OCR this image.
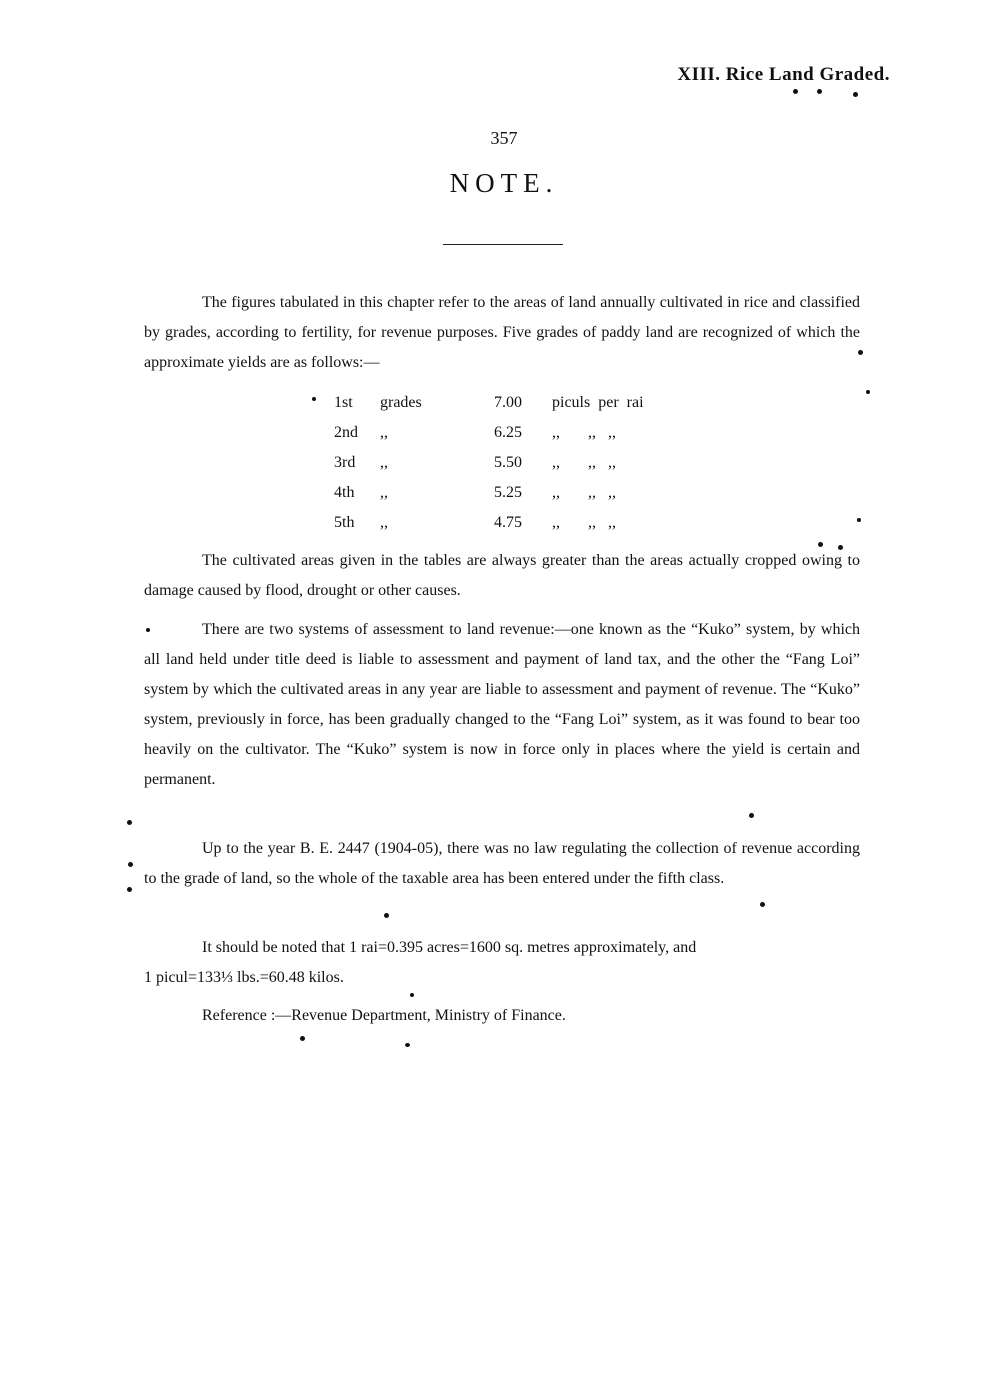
XIII. Rice Land Graded.
357
NOTE.

The figures tabulated in this chapter refer to the areas of land annually cultivated in rice and classified by grades, according to fertility, for revenue purposes. Five grades of paddy land are recognized of which the approximate yields are as follows:—

1st	grades	7.00	piculs  per  rai
2nd	,,	6.25	,,       ,,   ,,
3rd	,,	5.50	,,       ,,   ,,
4th	,,	5.25	,,       ,,   ,,
5th	,,	4.75	,,       ,,   ,,

The cultivated areas given in the tables are always greater than the areas actually cropped owing to damage caused by flood, drought or other causes.

There are two systems of assessment to land revenue:—one known as the “Kuko” system, by which all land held under title deed is liable to assessment and payment of land tax, and the other the “Fang Loi” system by which the cultivated areas in any year are liable to assessment and payment of revenue. The “Kuko” system, previously in force, has been gradually changed to the “Fang Loi” system, as it was found to bear too heavily on the cultivator. The “Kuko” system is now in force only in places where the yield is certain and permanent.

Up to the year B. E. 2447 (1904-05), there was no law regulating the collection of revenue according to the grade of land, so the whole of the taxable area has been entered under the fifth class.

It should be noted that 1 rai=0.395 acres=1600 sq. metres approximately, and
1 picul=133⅓ lbs.=60.48 kilos.

Reference :—Revenue Department, Ministry of Finance.
